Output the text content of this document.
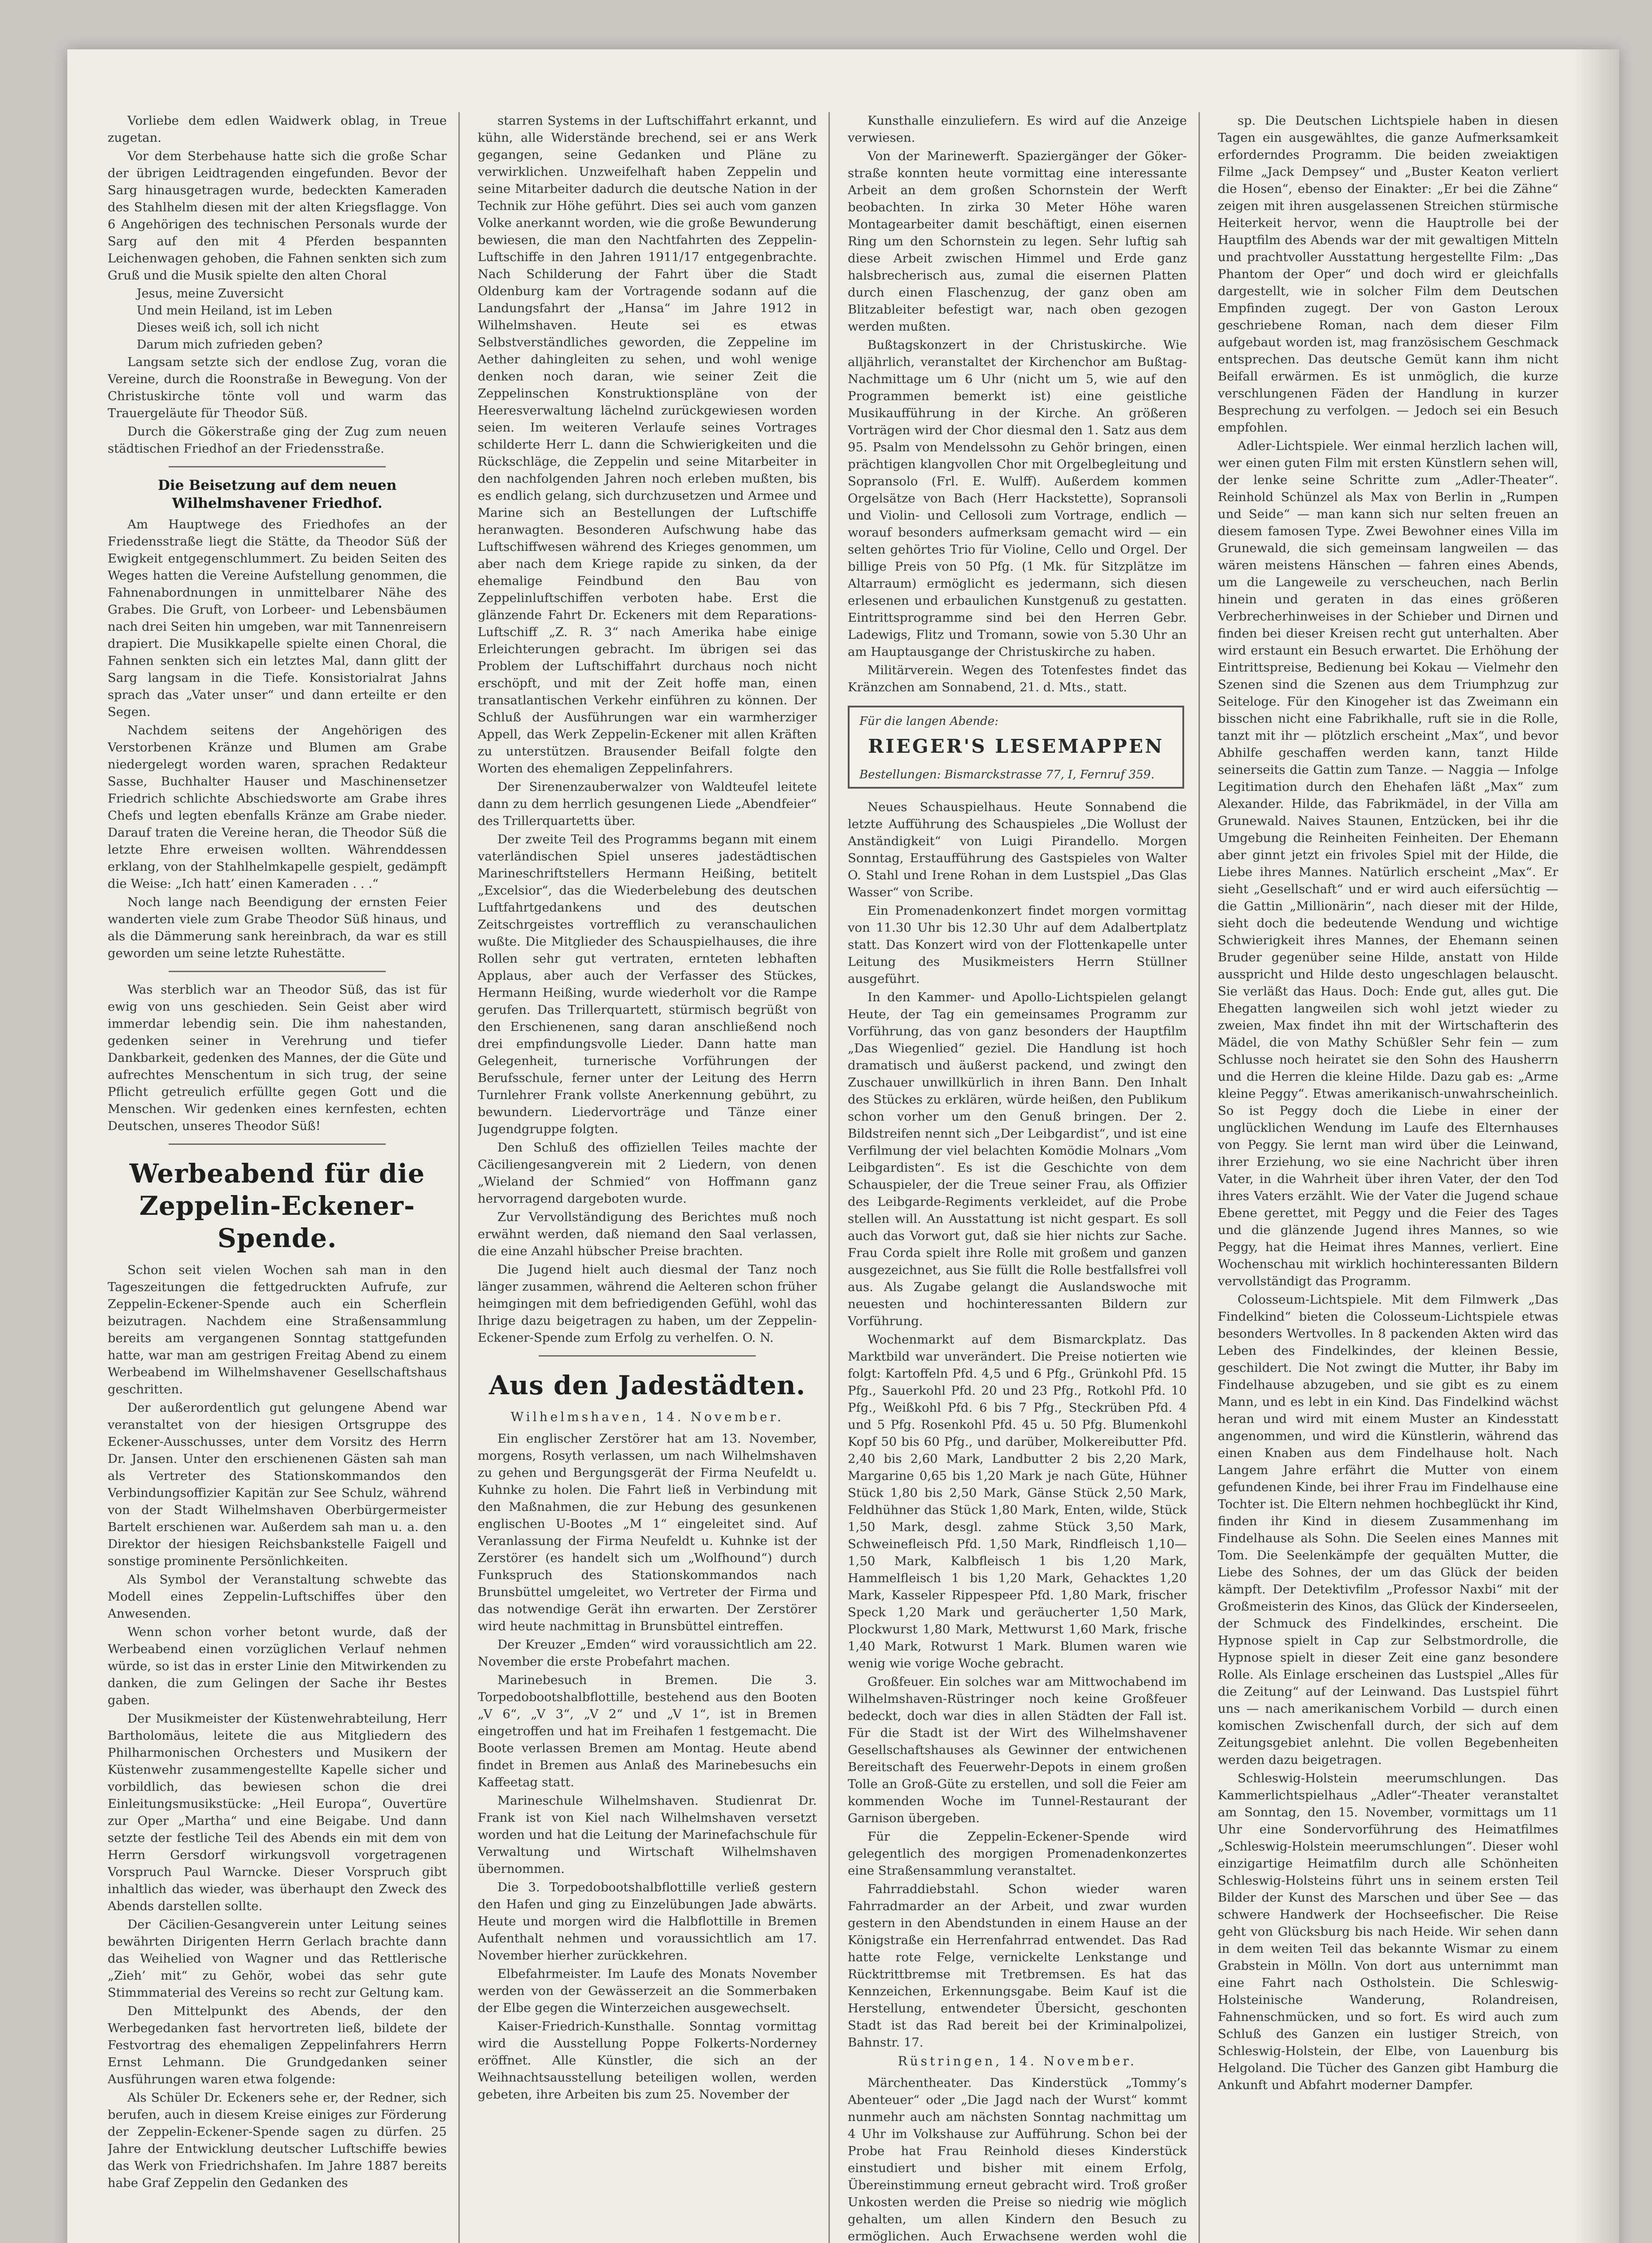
Vorliebe dem edlen Waidwerk oblag, in Treue zugetan.

Vor dem Sterbehause hatte sich die große Schar der übrigen Leidtragenden eingefunden. Bevor der Sarg hinausgetragen wurde, bedeckten Kameraden des Stahlhelm diesen mit der alten Kriegsflagge. Von 6 Angehörigen des technischen Personals wurde der Sarg auf den mit 4 Pferden bespannten Leichenwagen gehoben, die Fahnen senkten sich zum Gruß und die Musik spielte den alten Choral

Jesus, meine Zuversicht

Und mein Heiland, ist im Leben

Dieses weiß ich, soll ich nicht

Darum mich zufrieden geben?

Langsam setzte sich der endlose Zug, voran die Vereine, durch die Roonstraße in Bewegung. Von der Christuskirche tönte voll und warm das Trauergeläute für Theodor Süß.

Durch die Gökerstraße ging der Zug zum neuen städtischen Friedhof an der Friedensstraße.

Die Beisetzung auf dem neuen Wilhelmshavener Friedhof.

Am Hauptwege des Friedhofes an der Friedensstraße liegt die Stätte, da Theodor Süß der Ewigkeit entgegenschlummert. Zu beiden Seiten des Weges hatten die Vereine Aufstellung genommen, die Fahnenabordnungen in unmittelbarer Nähe des Grabes. Die Gruft, von Lorbeer- und Lebensbäumen nach drei Seiten hin umgeben, war mit Tannenreisern drapiert. Die Musikkapelle spielte einen Choral, die Fahnen senkten sich ein letztes Mal, dann glitt der Sarg langsam in die Tiefe. Konsistorialrat Jahns sprach das „Vater unser“ und dann erteilte er den Segen.

Nachdem seitens der Angehörigen des Verstorbenen Kränze und Blumen am Grabe niedergelegt worden waren, sprachen Redakteur Sasse, Buchhalter Hauser und Maschinensetzer Friedrich schlichte Abschiedsworte am Grabe ihres Chefs und legten ebenfalls Kränze am Grabe nieder. Darauf traten die Vereine heran, die Theodor Süß die letzte Ehre erweisen wollten. Währenddessen erklang, von der Stahlhelmkapelle gespielt, gedämpft die Weise: „Ich hatt’ einen Kameraden . . .“

Noch lange nach Beendigung der ernsten Feier wanderten viele zum Grabe Theodor Süß hinaus, und als die Dämmerung sank hereinbrach, da war es still geworden um seine letzte Ruhestätte.

Was sterblich war an Theodor Süß, das ist für ewig von uns geschieden. Sein Geist aber wird immerdar lebendig sein. Die ihm nahestanden, gedenken seiner in Verehrung und tiefer Dankbarkeit, gedenken des Mannes, der die Güte und aufrechtes Menschentum in sich trug, der seine Pflicht getreulich erfüllte gegen Gott und die Menschen. Wir gedenken eines kernfesten, echten Deutschen, unseres Theodor Süß!

Werbeabend für die Zeppelin-Eckener-Spende.

Schon seit vielen Wochen sah man in den Tageszeitungen die fettgedruckten Aufrufe, zur Zeppelin-Eckener-Spende auch ein Scherflein beizutragen. Nachdem eine Straßensammlung bereits am vergangenen Sonntag stattgefunden hatte, war man am gestrigen Freitag Abend zu einem Werbeabend im Wilhelmshavener Gesellschaftshaus geschritten.

Der außerordentlich gut gelungene Abend war veranstaltet von der hiesigen Ortsgruppe des Eckener-Ausschusses, unter dem Vorsitz des Herrn Dr. Jansen. Unter den erschienenen Gästen sah man als Vertreter des Stationskommandos den Verbindungsoffizier Kapitän zur See Schulz, während von der Stadt Wilhelmshaven Oberbürgermeister Bartelt erschienen war. Außerdem sah man u. a. den Direktor der hiesigen Reichsbankstelle Faigell und sonstige prominente Persönlichkeiten.

Als Symbol der Veranstaltung schwebte das Modell eines Zeppelin-Luftschiffes über den Anwesenden.

Wenn schon vorher betont wurde, daß der Werbeabend einen vorzüglichen Verlauf nehmen würde, so ist das in erster Linie den Mitwirkenden zu danken, die zum Gelingen der Sache ihr Bestes gaben.

Der Musikmeister der Küstenwehrabteilung, Herr Bartholomäus, leitete die aus Mitgliedern des Philharmonischen Orchesters und Musikern der Küstenwehr zusammengestellte Kapelle sicher und vorbildlich, das bewiesen schon die drei Einleitungsmusikstücke: „Heil Europa“, Ouvertüre zur Oper „Martha“ und eine Beigabe. Und dann setzte der festliche Teil des Abends ein mit dem von Herrn Gersdorf wirkungsvoll vorgetragenen Vorspruch Paul Warncke. Dieser Vorspruch gibt inhaltlich das wieder, was überhaupt den Zweck des Abends darstellen sollte.

Der Cäcilien-Gesangverein unter Leitung seines bewährten Dirigenten Herrn Gerlach brachte dann das Weihelied von Wagner und das Rettlerische „Zieh’ mit“ zu Gehör, wobei das sehr gute Stimmmaterial des Vereins so recht zur Geltung kam.

Den Mittelpunkt des Abends, der den Werbegedanken fast hervortreten ließ, bildete der Festvortrag des ehemaligen Zeppelinfahrers Herrn Ernst Lehmann. Die Grundgedanken seiner Ausführungen waren etwa folgende:

Als Schüler Dr. Eckeners sehe er, der Redner, sich berufen, auch in diesem Kreise einiges zur Förderung der Zeppelin-Eckener-Spende sagen zu dürfen. 25 Jahre der Entwicklung deutscher Luftschiffe bewies das Werk von Friedrichshafen. Im Jahre 1887 bereits habe Graf Zeppelin den Gedanken des

starren Systems in der Luftschiffahrt erkannt, und kühn, alle Widerstände brechend, sei er ans Werk gegangen, seine Gedanken und Pläne zu verwirklichen. Unzweifelhaft haben Zeppelin und seine Mitarbeiter dadurch die deutsche Nation in der Technik zur Höhe geführt. Dies sei auch vom ganzen Volke anerkannt worden, wie die große Bewunderung bewiesen, die man den Nachtfahrten des Zeppelin-Luftschiffe in den Jahren 1911/17 entgegenbrachte. Nach Schilderung der Fahrt über die Stadt Oldenburg kam der Vortragende sodann auf die Landungsfahrt der „Hansa“ im Jahre 1912 in Wilhelmshaven. Heute sei es etwas Selbstverständliches geworden, die Zeppeline im Aether dahingleiten zu sehen, und wohl wenige denken noch daran, wie seiner Zeit die Zeppelinschen Konstruktionspläne von der Heeresverwaltung lächelnd zurückgewiesen worden seien. Im weiteren Verlaufe seines Vortrages schilderte Herr L. dann die Schwierigkeiten und die Rückschläge, die Zeppelin und seine Mitarbeiter in den nachfolgenden Jahren noch erleben mußten, bis es endlich gelang, sich durchzusetzen und Armee und Marine sich an Bestellungen der Luftschiffe heranwagten. Besonderen Aufschwung habe das Luftschiffwesen während des Krieges genommen, um aber nach dem Kriege rapide zu sinken, da der ehemalige Feindbund den Bau von Zeppelinluftschiffen verboten habe. Erst die glänzende Fahrt Dr. Eckeners mit dem Reparations-Luftschiff „Z. R. 3“ nach Amerika habe einige Erleichterungen gebracht. Im übrigen sei das Problem der Luftschiffahrt durchaus noch nicht erschöpft, und mit der Zeit hoffe man, einen transatlantischen Verkehr einführen zu können. Der Schluß der Ausführungen war ein warmherziger Appell, das Werk Zeppelin-Eckener mit allen Kräften zu unterstützen. Brausender Beifall folgte den Worten des ehemaligen Zeppelinfahrers.

Der Sirenenzauberwalzer von Waldteufel leitete dann zu dem herrlich gesungenen Liede „Abendfeier“ des Trillerquartetts über.

Der zweite Teil des Programms begann mit einem vaterländischen Spiel unseres jadestädtischen Marineschriftstellers Hermann Heißing, betitelt „Excelsior“, das die Wiederbelebung des deutschen Luftfahrtgedankens und des deutschen Zeitschrgeistes vortrefflich zu veranschaulichen wußte. Die Mitglieder des Schauspielhauses, die ihre Rollen sehr gut vertraten, ernteten lebhaften Applaus, aber auch der Verfasser des Stückes, Hermann Heißing, wurde wiederholt vor die Rampe gerufen. Das Trillerquartett, stürmisch begrüßt von den Erschienenen, sang daran anschließend noch drei empfindungsvolle Lieder. Dann hatte man Gelegenheit, turnerische Vorführungen der Berufsschule, ferner unter der Leitung des Herrn Turnlehrer Frank vollste Anerkennung gebührt, zu bewundern. Liedervorträge und Tänze einer Jugendgruppe folgten.

Den Schluß des offiziellen Teiles machte der Cäciliengesangverein mit 2 Liedern, von denen „Wieland der Schmied“ von Hoffmann ganz hervorragend dargeboten wurde.

Zur Vervollständigung des Berichtes muß noch erwähnt werden, daß niemand den Saal verlassen, die eine Anzahl hübscher Preise brachten.

Die Jugend hielt auch diesmal der Tanz noch länger zusammen, während die Aelteren schon früher heimgingen mit dem befriedigenden Gefühl, wohl das Ihrige dazu beigetragen zu haben, um der Zeppelin-Eckener-Spende zum Erfolg zu verhelfen. O. N.

Aus den Jadestädten.
Wilhelmshaven, 14. November.

Ein englischer Zerstörer hat am 13. November, morgens, Rosyth verlassen, um nach Wilhelmshaven zu gehen und Bergungsgerät der Firma Neufeldt u. Kuhnke zu holen. Die Fahrt ließ in Verbindung mit den Maßnahmen, die zur Hebung des gesunkenen englischen U-Bootes „M 1“ eingeleitet sind. Auf Veranlassung der Firma Neufeldt u. Kuhnke ist der Zerstörer (es handelt sich um „Wolfhound“) durch Funkspruch des Stationskommandos nach Brunsbüttel umgeleitet, wo Vertreter der Firma und das notwendige Gerät ihn erwarten. Der Zerstörer wird heute nachmittag in Brunsbüttel eintreffen.

Der Kreuzer „Emden“ wird voraussichtlich am 22. November die erste Probefahrt machen.

Marinebesuch in Bremen. Die 3. Torpedobootshalbflottille, bestehend aus den Booten „V 6“, „V 3“, „V 2“ und „V 1“, ist in Bremen eingetroffen und hat im Freihafen 1 festgemacht. Die Boote verlassen Bremen am Montag. Heute abend findet in Bremen aus Anlaß des Marinebesuchs ein Kaffeetag statt.

Marineschule Wilhelmshaven. Studienrat Dr. Frank ist von Kiel nach Wilhelmshaven versetzt worden und hat die Leitung der Marinefachschule für Verwaltung und Wirtschaft Wilhelmshaven übernommen.

Die 3. Torpedobootshalbflottille verließ gestern den Hafen und ging zu Einzelübungen Jade abwärts. Heute und morgen wird die Halbflottille in Bremen Aufenthalt nehmen und voraussichtlich am 17. November hierher zurückkehren.

Elbefahrmeister. Im Laufe des Monats November werden von der Gewässerzeit an die Sommerbaken der Elbe gegen die Winterzeichen ausgewechselt.

Kaiser-Friedrich-Kunsthalle. Sonntag vormittag wird die Ausstellung Poppe Folkerts-Norderney eröffnet. Alle Künstler, die sich an der Weihnachtsausstellung beteiligen wollen, werden gebeten, ihre Arbeiten bis zum 25. November der

Kunsthalle einzuliefern. Es wird auf die Anzeige verwiesen.

Von der Marinewerft. Spaziergänger der Gökerstraße konnten heute vormittag eine interessante Arbeit an dem großen Schornstein der Werft beobachten. In zirka 30 Meter Höhe waren Montagearbeiter damit beschäftigt, einen eisernen Ring um den Schornstein zu legen. Sehr luftig sah diese Arbeit zwischen Himmel und Erde ganz halsbrecherisch aus, zumal die eisernen Platten durch einen Flaschenzug, der ganz oben am Blitzableiter befestigt war, nach oben gezogen werden mußten.

Bußtagskonzert in der Christuskirche. Wie alljährlich, veranstaltet der Kirchenchor am Bußtag-Nachmittage um 6 Uhr (nicht um 5, wie auf den Programmen bemerkt ist) eine geistliche Musikaufführung in der Kirche. An größeren Vorträgen wird der Chor diesmal den 1. Satz aus dem 95. Psalm von Mendelssohn zu Gehör bringen, einen prächtigen klangvollen Chor mit Orgelbegleitung und Sopransolo (Frl. E. Wulff). Außerdem kommen Orgelsätze von Bach (Herr Hackstette), Sopransoli und Violin- und Cellosoli zum Vortrage, endlich — worauf besonders aufmerksam gemacht wird — ein selten gehörtes Trio für Violine, Cello und Orgel. Der billige Preis von 50 Pfg. (1 Mk. für Sitzplätze im Altarraum) ermöglicht es jedermann, sich diesen erlesenen und erbaulichen Kunstgenuß zu gestatten. Eintrittsprogramme sind bei den Herren Gebr. Ladewigs, Flitz und Tromann, sowie von 5.30 Uhr an am Hauptausgange der Christuskirche zu haben.

Militärverein. Wegen des Totenfestes findet das Kränzchen am Sonnabend, 21. d. Mts., statt.

Für die langen Abende:

RIEGER'S LESEMAPPEN

Bestellungen: Bismarckstrasse 77, I, Fernruf 359.

Neues Schauspielhaus. Heute Sonnabend die letzte Aufführung des Schauspieles „Die Wollust der Anständigkeit“ von Luigi Pirandello. Morgen Sonntag, Erstaufführung des Gastspieles von Walter O. Stahl und Irene Rohan in dem Lustspiel „Das Glas Wasser“ von Scribe.

Ein Promenadenkonzert findet morgen vormittag von 11.30 Uhr bis 12.30 Uhr auf dem Adalbertplatz statt. Das Konzert wird von der Flottenkapelle unter Leitung des Musikmeisters Herrn Stüllner ausgeführt.

In den Kammer- und Apollo-Lichtspielen gelangt Heute, der Tag ein gemeinsames Programm zur Vorführung, das von ganz besonders der Hauptfilm „Das Wiegenlied“ geziel. Die Handlung ist hoch dramatisch und äußerst packend, und zwingt den Zuschauer unwillkürlich in ihren Bann. Den Inhalt des Stückes zu erklären, würde heißen, den Publikum schon vorher um den Genuß bringen. Der 2. Bildstreifen nennt sich „Der Leibgardist“, und ist eine Verfilmung der viel belachten Komödie Molnars „Vom Leibgardisten“. Es ist die Geschichte von dem Schauspieler, der die Treue seiner Frau, als Offizier des Leibgarde-Regiments verkleidet, auf die Probe stellen will. An Ausstattung ist nicht gespart. Es soll auch das Vorwort gut, daß sie hier nichts zur Sache. Frau Corda spielt ihre Rolle mit großem und ganzen ausgezeichnet, aus Sie füllt die Rolle bestfallsfrei voll aus. Als Zugabe gelangt die Auslandswoche mit neuesten und hochinteressanten Bildern zur Vorführung.

Wochenmarkt auf dem Bismarckplatz. Das Marktbild war unverändert. Die Preise notierten wie folgt: Kartoffeln Pfd. 4,5 und 6 Pfg., Grünkohl Pfd. 15 Pfg., Sauerkohl Pfd. 20 und 23 Pfg., Rotkohl Pfd. 10 Pfg., Weißkohl Pfd. 6 bis 7 Pfg., Steckrüben Pfd. 4 und 5 Pfg. Rosenkohl Pfd. 45 u. 50 Pfg. Blumenkohl Kopf 50 bis 60 Pfg., und darüber, Molkereibutter Pfd. 2,40 bis 2,60 Mark, Landbutter 2 bis 2,20 Mark, Margarine 0,65 bis 1,20 Mark je nach Güte, Hühner Stück 1,80 bis 2,50 Mark, Gänse Stück 2,50 Mark, Feldhühner das Stück 1,80 Mark, Enten, wilde, Stück 1,50 Mark, desgl. zahme Stück 3,50 Mark, Schweinefleisch Pfd. 1,50 Mark, Rindfleisch 1,10—1,50 Mark, Kalbfleisch 1 bis 1,20 Mark, Hammelfleisch 1 bis 1,20 Mark, Gehacktes 1,20 Mark, Kasseler Rippespeer Pfd. 1,80 Mark, frischer Speck 1,20 Mark und geräucherter 1,50 Mark, Plockwurst 1,80 Mark, Mettwurst 1,60 Mark, frische 1,40 Mark, Rotwurst 1 Mark. Blumen waren wie wenig wie vorige Woche gebracht.

Großfeuer. Ein solches war am Mittwochabend im Wilhelmshaven-Rüstringer noch keine Großfeuer bedeckt, doch war dies in allen Städten der Fall ist. Für die Stadt ist der Wirt des Wilhelmshavener Gesellschaftshauses als Gewinner der entwichenen Bereitschaft des Feuerwehr-Depots in einem großen Tolle an Groß-Güte zu erstellen, und soll die Feier am kommenden Woche im Tunnel-Restaurant der Garnison übergeben.

Für die Zeppelin-Eckener-Spende wird gelegentlich des morgigen Promenadenkonzertes eine Straßensammlung veranstaltet.

Fahrraddiebstahl. Schon wieder waren Fahrradmarder an der Arbeit, und zwar wurden gestern in den Abendstunden in einem Hause an der Königstraße ein Herrenfahrrad entwendet. Das Rad hatte rote Felge, vernickelte Lenkstange und Rücktrittbremse mit Tretbremsen. Es hat das Kennzeichen, Erkennungsgabe. Beim Kauf ist die Herstellung, entwendeter Übersicht, geschonten Stadt ist das Rad bereit bei der Kriminalpolizei, Bahnstr. 17.

Rüstringen, 14. November.

Märchentheater. Das Kinderstück „Tommy’s Abenteuer“ oder „Die Jagd nach der Wurst“ kommt nunmehr auch am nächsten Sonntag nachmittag um 4 Uhr im Volkshause zur Aufführung. Schon bei der Probe hat Frau Reinhold dieses Kinderstück einstudiert und bisher mit einem Erfolg, Übereinstimmung erneut gebracht wird. Troß großer Unkosten werden die Preise so niedrig wie möglich gehalten, um allen Kindern den Besuch zu ermöglichen. Auch Erwachsene werden wohl die

sp. Die Deutschen Lichtspiele haben in diesen Tagen ein ausgewähltes, die ganze Aufmerksamkeit erforderndes Programm. Die beiden zweiaktigen Filme „Jack Dempsey“ und „Buster Keaton verliert die Hosen“, ebenso der Einakter: „Er bei die Zähne“ zeigen mit ihren ausgelassenen Streichen stürmische Heiterkeit hervor, wenn die Hauptrolle bei der Hauptfilm des Abends war der mit gewaltigen Mitteln und prachtvoller Ausstattung hergestellte Film: „Das Phantom der Oper“ und doch wird er gleichfalls dargestellt, wie in solcher Film dem Deutschen Empfinden zugegt. Der von Gaston Leroux geschriebene Roman, nach dem dieser Film aufgebaut worden ist, mag französischem Geschmack entsprechen. Das deutsche Gemüt kann ihm nicht Beifall erwärmen. Es ist unmöglich, die kurze verschlungenen Fäden der Handlung in kurzer Besprechung zu verfolgen. — Jedoch sei ein Besuch empfohlen.

Adler-Lichtspiele. Wer einmal herzlich lachen will, wer einen guten Film mit ersten Künstlern sehen will, der lenke seine Schritte zum „Adler-Theater“. Reinhold Schünzel als Max von Berlin in „Rumpen und Seide“ — man kann sich nur selten freuen an diesem famosen Type. Zwei Bewohner eines Villa im Grunewald, die sich gemeinsam langweilen — das wären meistens Hänschen — fahren eines Abends, um die Langeweile zu verscheuchen, nach Berlin hinein und geraten in das eines größeren Verbrecherhinweises in der Schieber und Dirnen und finden bei dieser Kreisen recht gut unterhalten. Aber wird erstaunt ein Besuch erwartet. Die Erhöhung der Eintrittspreise, Bedienung bei Kokau — Vielmehr den Szenen sind die Szenen aus dem Triumphzug zur Seiteloge. Für den Kinogeher ist das Zweimann ein bisschen nicht eine Fabrikhalle, ruft sie in die Rolle, tanzt mit ihr — plötzlich erscheint „Max“, und bevor Abhilfe geschaffen werden kann, tanzt Hilde seinerseits die Gattin zum Tanze. — Naggia — Infolge Legitimation durch den Ehehafen läßt „Max“ zum Alexander. Hilde, das Fabrikmädel, in der Villa am Grunewald. Naives Staunen, Entzücken, bei ihr die Umgebung die Reinheiten Feinheiten. Der Ehemann aber ginnt jetzt ein frivoles Spiel mit der Hilde, die Liebe ihres Mannes. Natürlich erscheint „Max“. Er sieht „Gesellschaft“ und er wird auch eifersüchtig — die Gattin „Millionärin“, nach dieser mit der Hilde, sieht doch die bedeutende Wendung und wichtige Schwierigkeit ihres Mannes, der Ehemann seinen Bruder gegenüber seine Hilde, anstatt von Hilde ausspricht und Hilde desto ungeschlagen belauscht. Sie verläßt das Haus. Doch: Ende gut, alles gut. Die Ehegatten langweilen sich wohl jetzt wieder zu zweien, Max findet ihn mit der Wirtschafterin des Mädel, die von Mathy Schüßler Sehr fein — zum Schlusse noch heiratet sie den Sohn des Hausherrn und die Herren die kleine Hilde. Dazu gab es: „Arme kleine Peggy“. Etwas amerikanisch-unwahrscheinlich. So ist Peggy doch die Liebe in einer der unglücklichen Wendung im Laufe des Elternhauses von Peggy. Sie lernt man wird über die Leinwand, ihrer Erziehung, wo sie eine Nachricht über ihren Vater, in die Wahrheit über ihren Vater, der den Tod ihres Vaters erzählt. Wie der Vater die Jugend schaue Ebene gerettet, mit Peggy und die Feier des Tages und die glänzende Jugend ihres Mannes, so wie Peggy, hat die Heimat ihres Mannes, verliert. Eine Wochenschau mit wirklich hochinteressanten Bildern vervollständigt das Programm.

Colosseum-Lichtspiele. Mit dem Filmwerk „Das Findelkind“ bieten die Colosseum-Lichtspiele etwas besonders Wertvolles. In 8 packenden Akten wird das Leben des Findelkindes, der kleinen Bessie, geschildert. Die Not zwingt die Mutter, ihr Baby im Findelhause abzugeben, und sie gibt es zu einem Mann, und es lebt in ein Kind. Das Findelkind wächst heran und wird mit einem Muster an Kindesstatt angenommen, und wird die Künstlerin, während das einen Knaben aus dem Findelhause holt. Nach Langem Jahre erfährt die Mutter von einem gefundenen Kinde, bei ihrer Frau im Findelhause eine Tochter ist. Die Eltern nehmen hochbeglückt ihr Kind, finden ihr Kind in diesem Zusammenhang im Findelhause als Sohn. Die Seelen eines Mannes mit Tom. Die Seelenkämpfe der gequälten Mutter, die Liebe des Sohnes, der um das Glück der beiden kämpft. Der Detektivfilm „Professor Naxbi“ mit der Großmeisterin des Kinos, das Glück der Kinderseelen, der Schmuck des Findelkindes, erscheint. Die Hypnose spielt in Cap zur Selbstmordrolle, die Hypnose spielt in dieser Zeit eine ganz besondere Rolle. Als Einlage erscheinen das Lustspiel „Alles für die Zeitung“ auf der Leinwand. Das Lustspiel führt uns — nach amerikanischem Vorbild — durch einen komischen Zwischenfall durch, der sich auf dem Zeitungsgebiet anlehnt. Die vollen Begebenheiten werden dazu beigetragen.

Schleswig-Holstein meerumschlungen. Das Kammerlichtspielhaus „Adler“-Theater veranstaltet am Sonntag, den 15. November, vormittags um 11 Uhr eine Sondervorführung des Heimatfilmes „Schleswig-Holstein meerumschlungen“. Dieser wohl einzigartige Heimatfilm durch alle Schönheiten Schleswig-Holsteins führt uns in seinem ersten Teil Bilder der Kunst des Marschen und über See — das schwere Handwerk der Hochseefischer. Die Reise geht von Glücksburg bis nach Heide. Wir sehen dann in dem weiten Teil das bekannte Wismar zu einem Grabstein in Mölln. Von dort aus unternimmt man eine Fahrt nach Ostholstein. Die Schleswig-Holsteinische Wanderung, Rolandreisen, Fahnenschmücken, und so fort. Es wird auch zum Schluß des Ganzen ein lustiger Streich, von Schleswig-Holstein, der Elbe, von Lauenburg bis Helgoland. Die Tücher des Ganzen gibt Hamburg die Ankunft und Abfahrt moderner Dampfer.
